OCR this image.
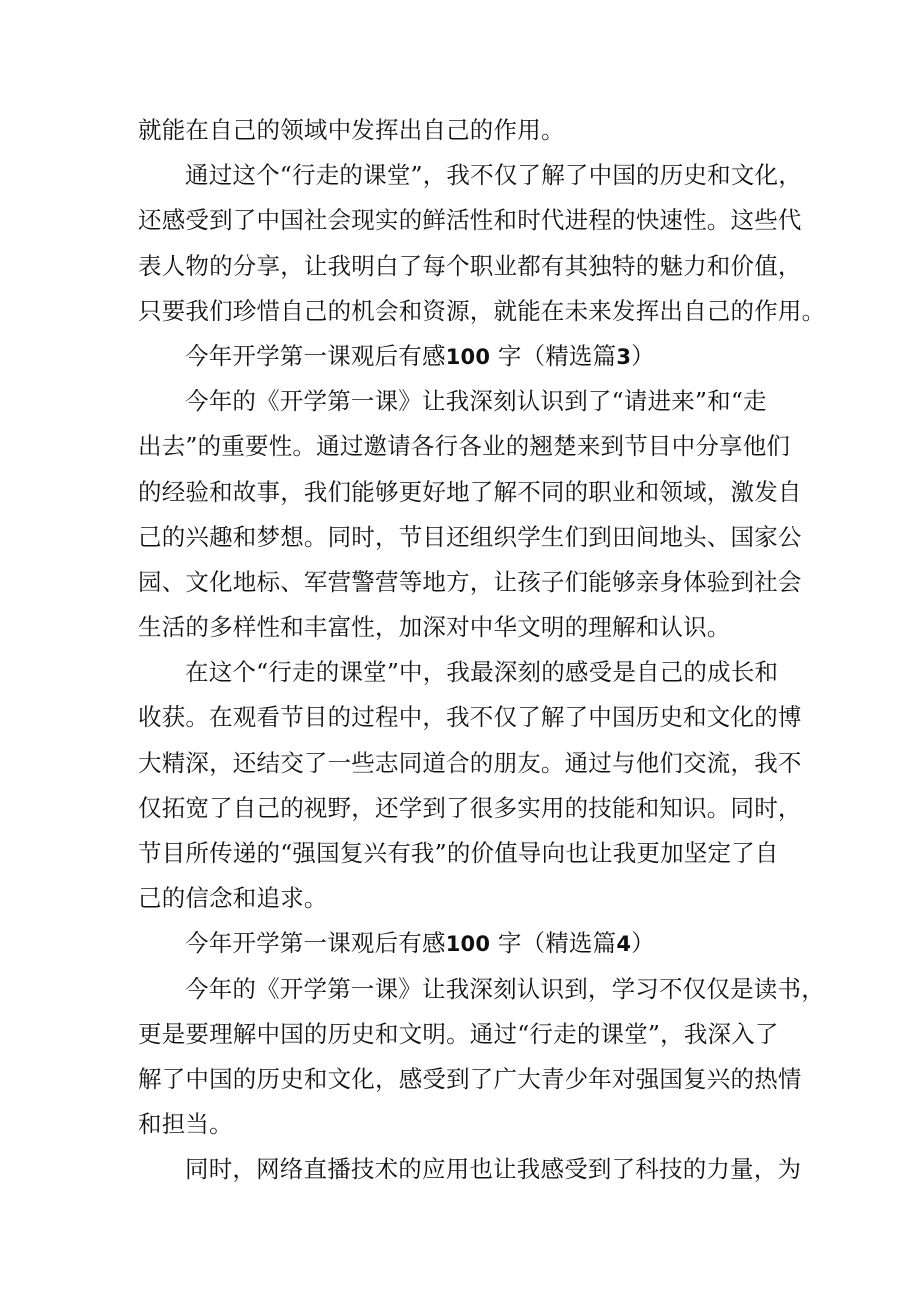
就能在自己的领域中发挥出自己的作用。
通过这个“行走的课堂”，我不仅了解了中国的历史和文化，
还感受到了中国社会现实的鲜活性和时代进程的快速性。这些代
表人物的分享，让我明白了每个职业都有其独特的魅力和价值，
只要我们珍惜自己的机会和资源，就能在未来发挥出自己的作用。
今年开学第一课观后有感100 字（精选篇3）
今年的《开学第一课》让我深刻认识到了“请进来”和“走
出去”的重要性。通过邀请各行各业的翘楚来到节目中分享他们
的经验和故事，我们能够更好地了解不同的职业和领域，激发自
己的兴趣和梦想。同时，节目还组织学生们到田间地头、国家公
园、文化地标、军营警营等地方，让孩子们能够亲身体验到社会
生活的多样性和丰富性，加深对中华文明的理解和认识。
在这个“行走的课堂”中，我最深刻的感受是自己的成长和
收获。在观看节目的过程中，我不仅了解了中国历史和文化的博
大精深，还结交了一些志同道合的朋友。通过与他们交流，我不
仅拓宽了自己的视野，还学到了很多实用的技能和知识。同时，
节目所传递的“强国复兴有我”的价值导向也让我更加坚定了自
己的信念和追求。
今年开学第一课观后有感100 字（精选篇4）
今年的《开学第一课》让我深刻认识到，学习不仅仅是读书，
更是要理解中国的历史和文明。通过“行走的课堂”，我深入了
解了中国的历史和文化，感受到了广大青少年对强国复兴的热情
和担当。
同时，网络直播技术的应用也让我感受到了科技的力量，为
